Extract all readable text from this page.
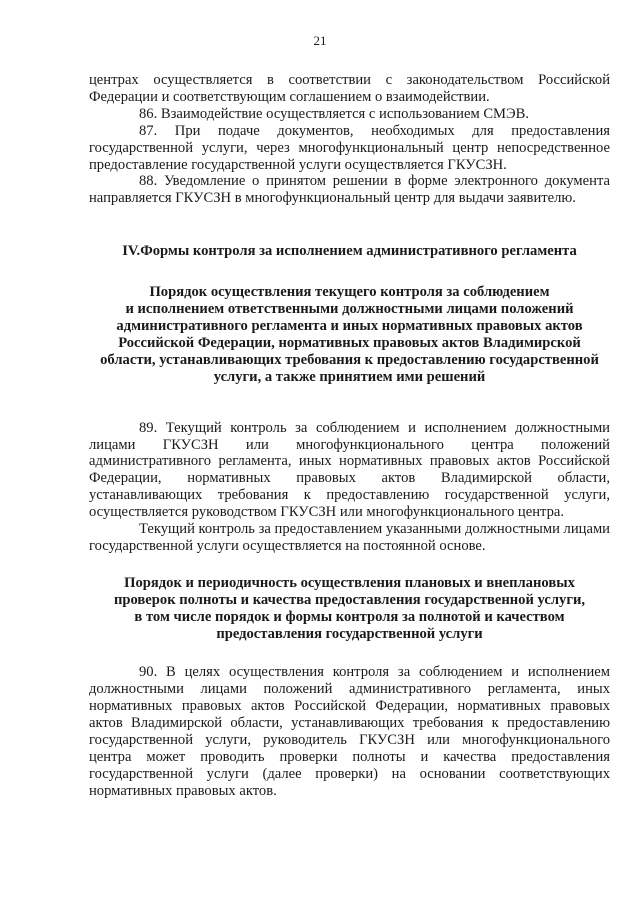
21

центрах осуществляется в соответствии с законодательством Российской Федерации и соответствующим соглашением о взаимодействии.

86. Взаимодействие осуществляется с использованием СМЭВ.

87. При подаче документов, необходимых для предоставления государственной услуги, через многофункциональный центр непосредственное предоставление государственной услуги осуществляется ГКУСЗН.

88. Уведомление о принятом решении в форме электронного документа направляется ГКУСЗН в многофункциональный центр для выдачи заявителю.

IV.Формы контроля за исполнением административного регламента

Порядок осуществления текущего контроля за соблюдением

и исполнением ответственными должностными лицами положений

административного регламента и иных нормативных правовых актов

Российской Федерации, нормативных правовых актов Владимирской

области, устанавливающих требования к предоставлению государственной

услуги, а также принятием ими решений

89. Текущий контроль за соблюдением и исполнением должностными лицами ГКУСЗН или многофункционального центра положений административного регламента, иных нормативных правовых актов Российской Федерации, нормативных правовых актов Владимирской области, устанавливающих требования к предоставлению государственной услуги, осуществляется руководством ГКУСЗН или многофункционального центра.

Текущий контроль за предоставлением указанными должностными лицами государственной услуги осуществляется на постоянной основе.

Порядок и периодичность осуществления плановых и внеплановых

проверок полноты и качества предоставления государственной услуги,

в том числе порядок и формы контроля за полнотой и качеством

предоставления государственной услуги

90. В целях осуществления контроля за соблюдением и исполнением должностными лицами положений административного регламента, иных нормативных правовых актов Российской Федерации, нормативных правовых актов Владимирской области, устанавливающих требования к предоставлению государственной услуги, руководитель ГКУСЗН или многофункционального центра может проводить проверки полноты и качества предоставления государственной услуги (далее проверки) на основании соответствующих нормативных правовых актов.
